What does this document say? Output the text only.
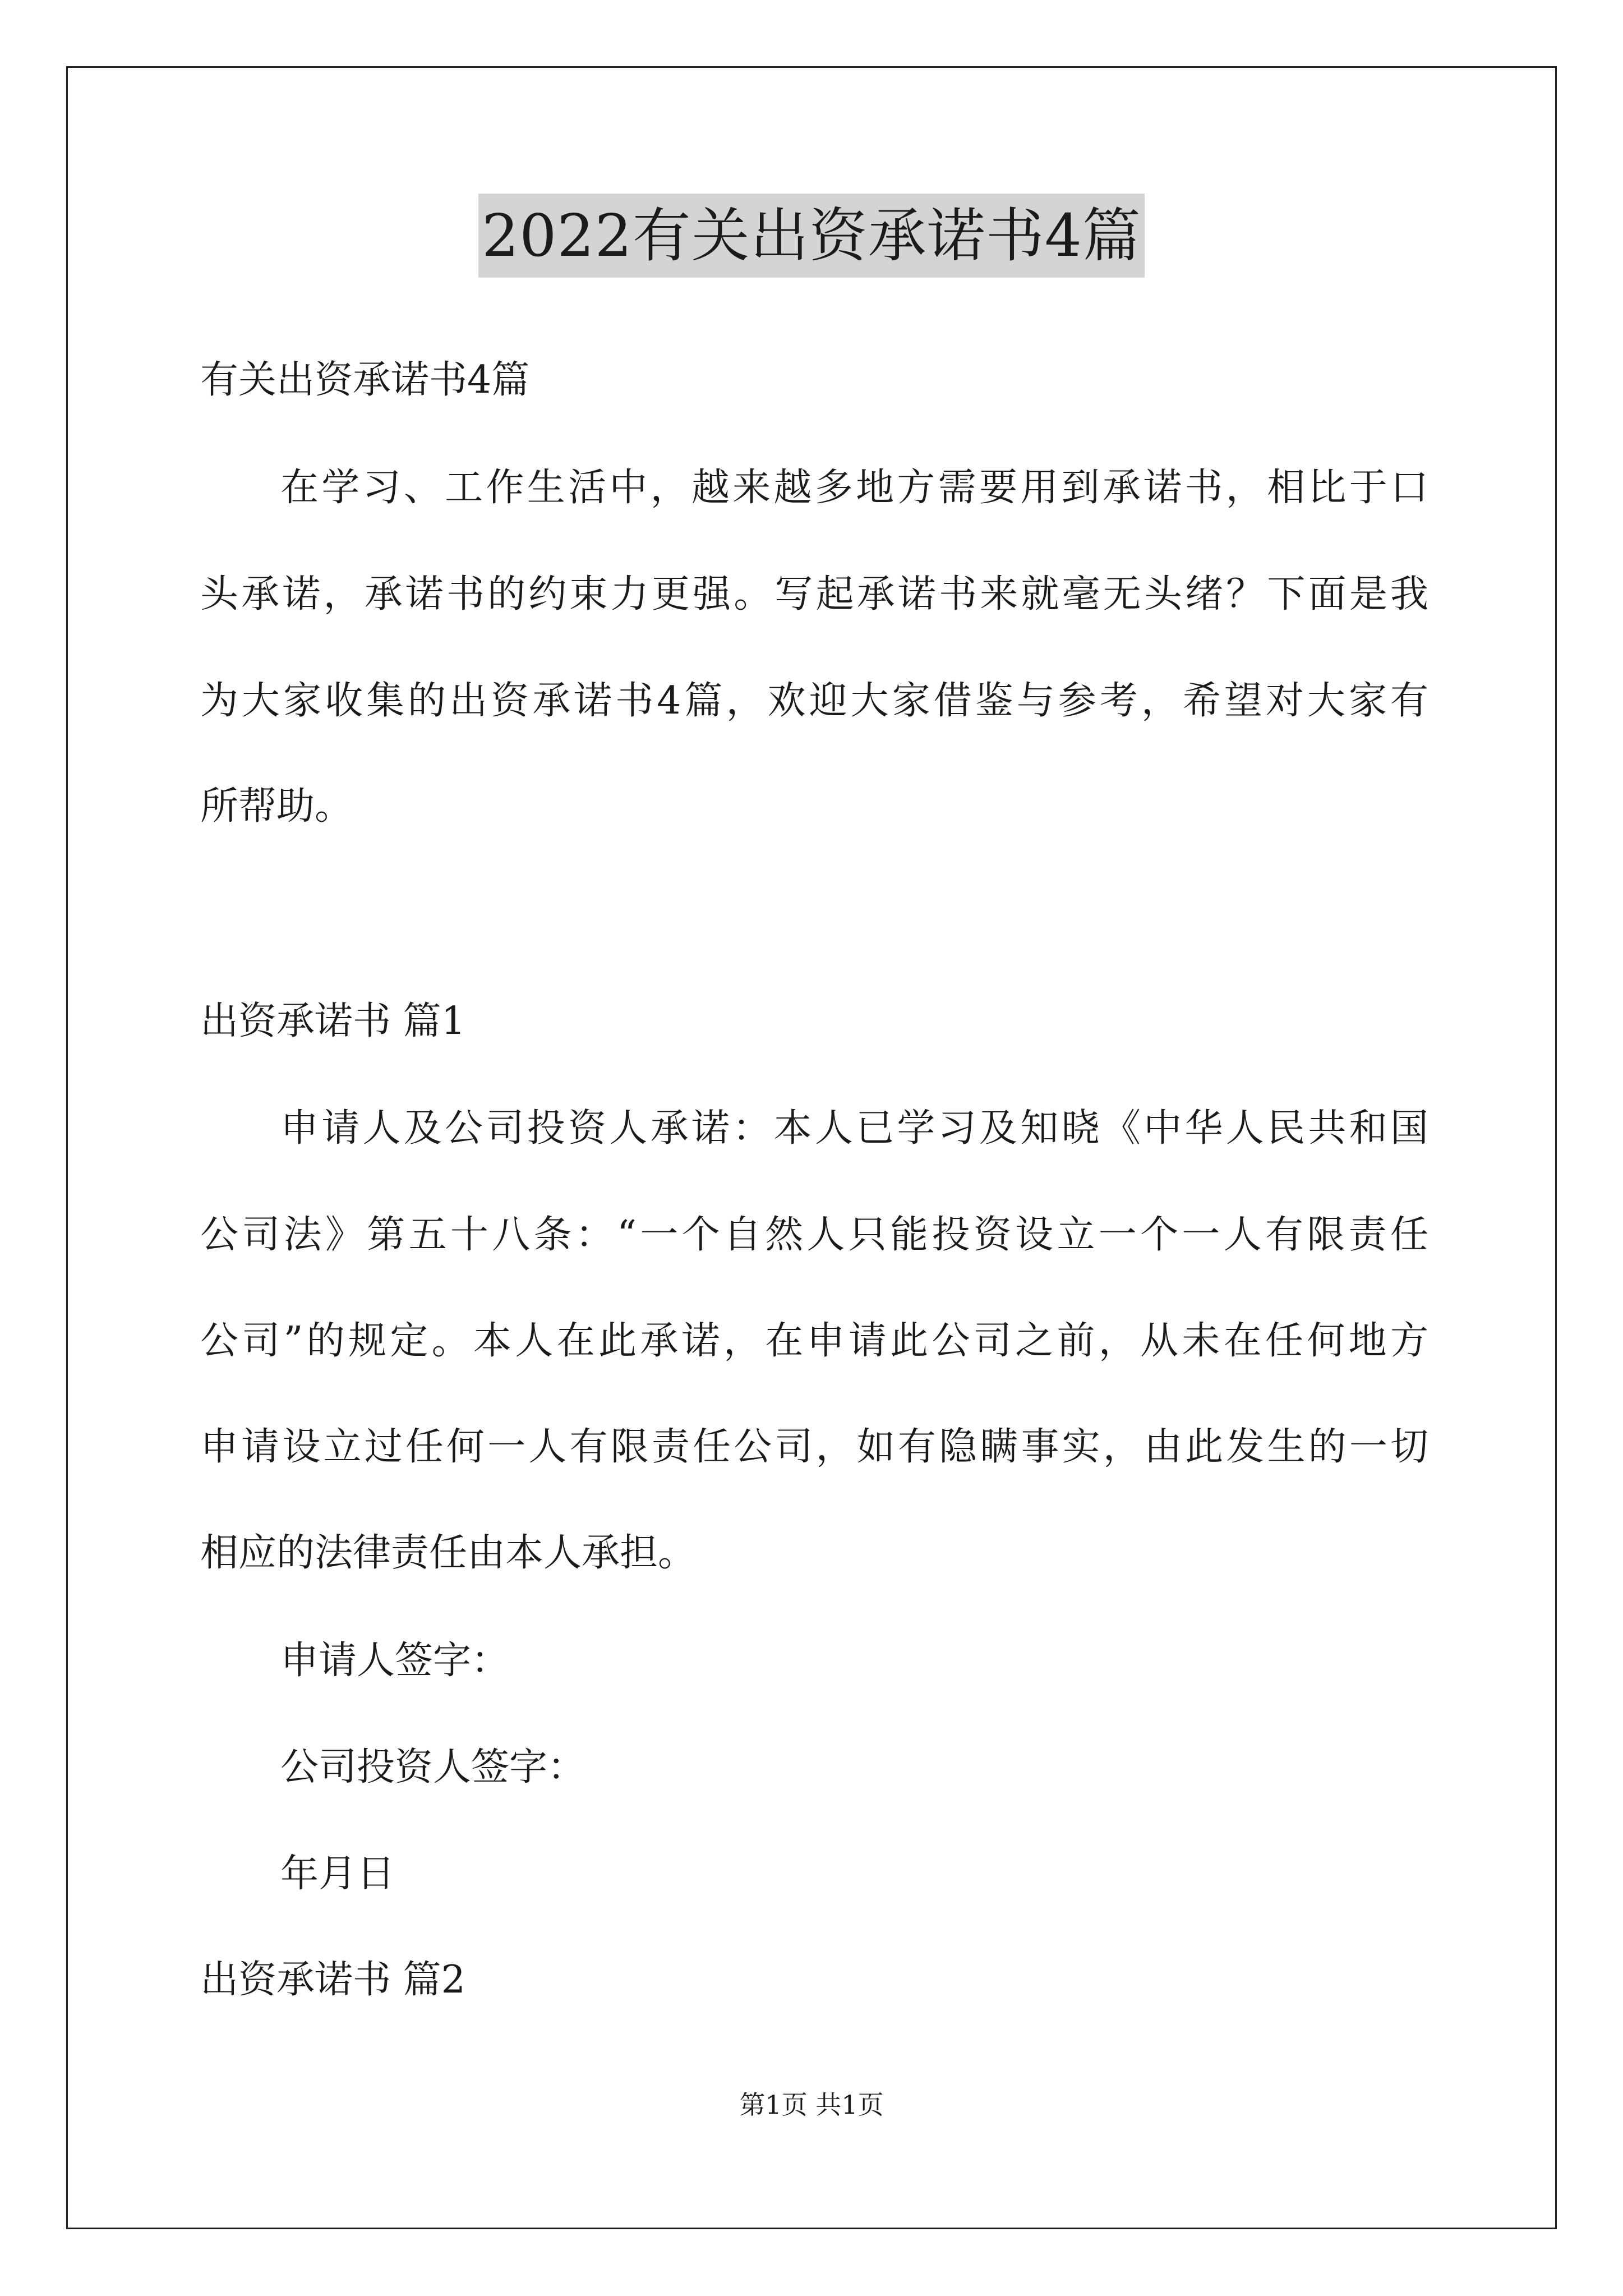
2022有关出资承诺书4篇
有关出资承诺书4篇
在学习、工作生活中，越来越多地方需要用到承诺书，相比于口
头承诺，承诺书的约束力更强。写起承诺书来就毫无头绪？下面是我
为大家收集的出资承诺书4篇，欢迎大家借鉴与参考，希望对大家有
所帮助。
出资承诺书 篇1
申请人及公司投资人承诺：本人已学习及知晓《中华人民共和国
公司法》第五十八条：“一个自然人只能投资设立一个一人有限责任
公司”的规定。本人在此承诺，在申请此公司之前，从未在任何地方
申请设立过任何一人有限责任公司，如有隐瞒事实，由此发生的一切
相应的法律责任由本人承担。
申请人签字：
公司投资人签字：
年月日
出资承诺书 篇2
第1页 共1页
